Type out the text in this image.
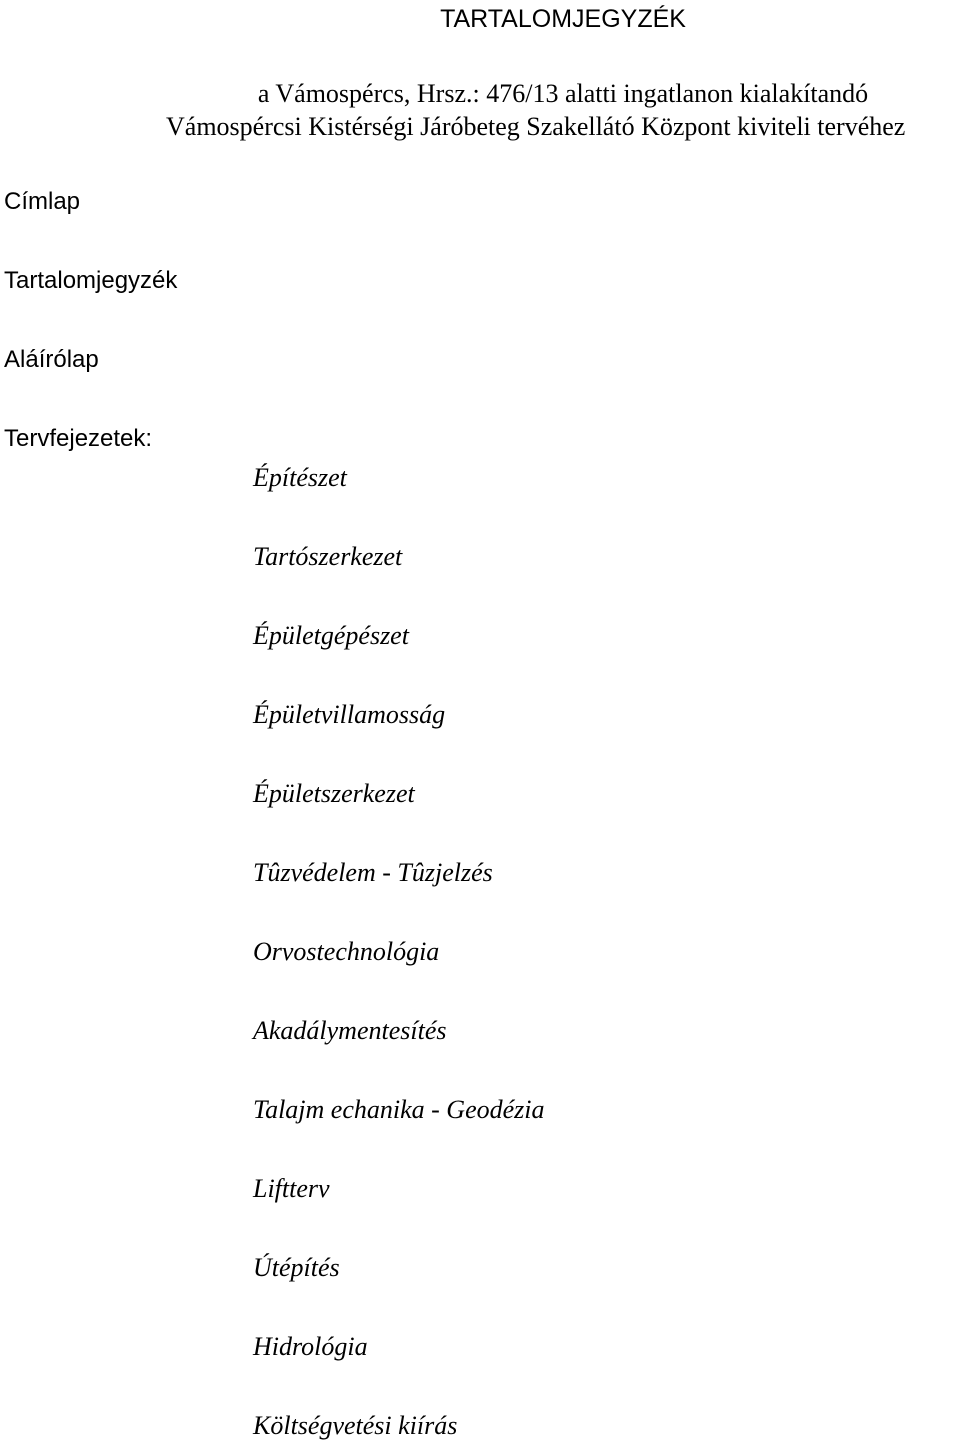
TARTALOMJEGYZÉK
a Vámospércs, Hrsz.: 476/13 alatti ingatlanon kialakítandó
Vámospércsi Kistérségi Járóbeteg Szakellátó Központ kiviteli tervéhez
Címlap
Tartalomjegyzék
Aláírólap
Tervfejezetek:
Építészet
Tartószerkezet
Épületgépészet
Épületvillamosság
Épületszerkezet
Tûzvédelem - Tûzjelzés
Orvostechnológia
Akadálymentesítés
Talajm echanika - Geodézia
Liftterv
Útépítés
Hidrológia
Költségvetési kiírás
